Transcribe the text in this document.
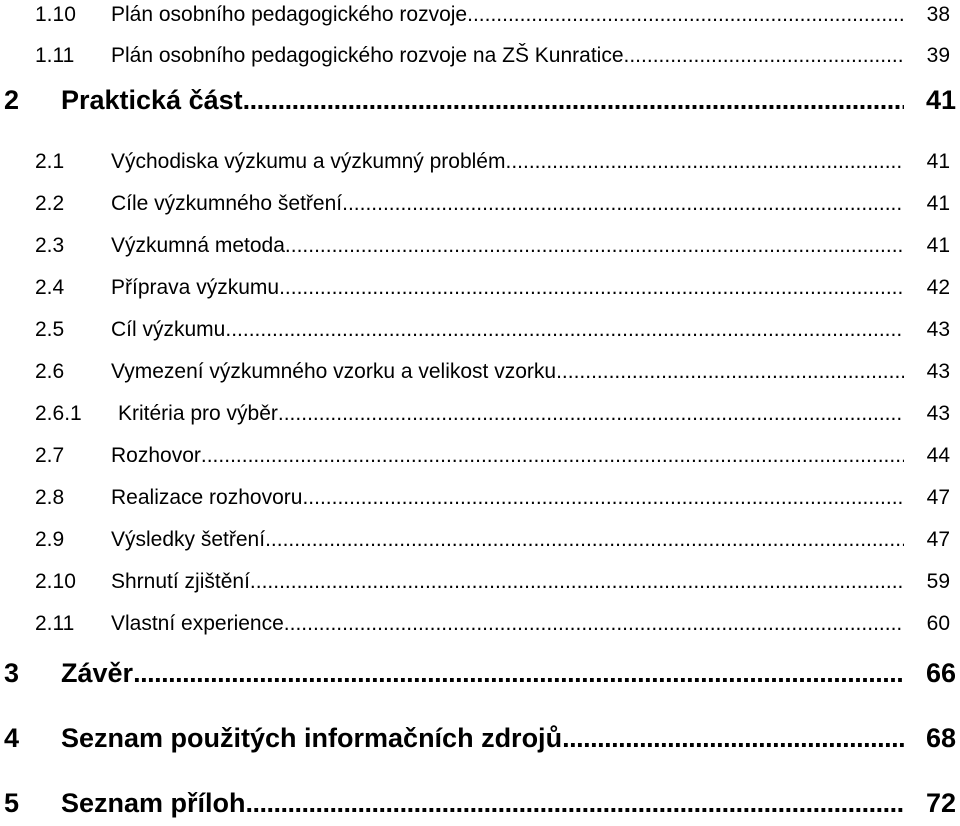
1.10	Plán osobního pedagogického rozvoje .....	38
1.11	Plán osobního pedagogického rozvoje na ZŠ Kunratice .....	39
2	Praktická část .....	41
2.1	Východiska výzkumu a výzkumný problém .....	41
2.2	Cíle výzkumného šetření .....	41
2.3	Výzkumná metoda .....	41
2.4	Příprava výzkumu .....	42
2.5	Cíl výzkumu .....	43
2.6	Vymezení výzkumného vzorku a velikost vzorku .....	43
2.6.1	Kritéria pro výběr .....	43
2.7	Rozhovor .....	44
2.8	Realizace rozhovoru .....	47
2.9	Výsledky šetření .....	47
2.10	Shrnutí zjištění .....	59
2.11	Vlastní experience .....	60
3	Závěr .....	66
4	Seznam použitých informačních zdrojů .....	68
5	Seznam příloh .....	72
